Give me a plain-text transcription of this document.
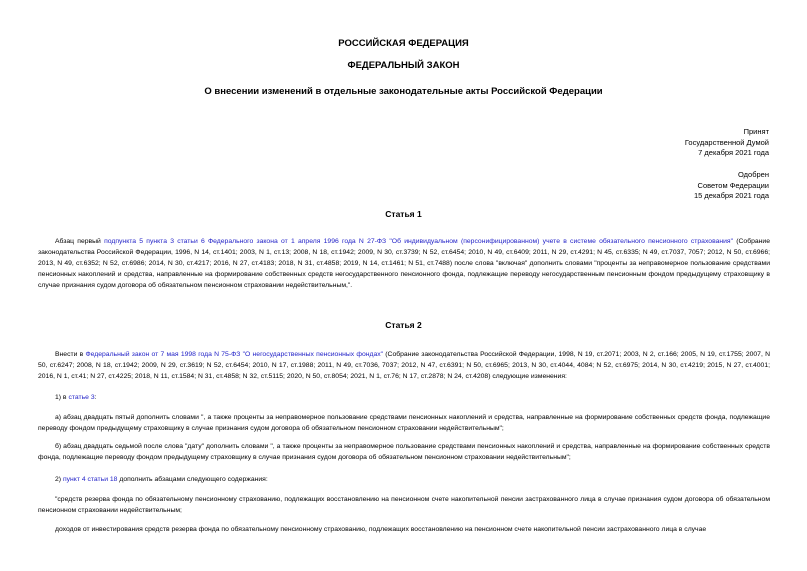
РОССИЙСКАЯ ФЕДЕРАЦИЯ
ФЕДЕРАЛЬНЫЙ ЗАКОН
О внесении изменений в отдельные законодательные акты Российской Федерации
Принят
Государственной Думой
7 декабря 2021 года
Одобрен
Советом Федерации
15 декабря 2021 года
Статья 1
Абзац первый подпункта 5 пункта 3 статьи 6 Федерального закона от 1 апреля 1996 года N 27-ФЗ "Об индивидуальном (персонифицированном) учете в системе обязательного пенсионного страхования" (Собрание законодательства Российской Федерации, 1996, N 14, ст.1401; 2003, N 1, ст.13; 2008, N 18, ст.1942; 2009, N 30, ст.3739; N 52, ст.6454; 2010, N 49, ст.6409; 2011, N 29, ст.4291; N 45, ст.6335; N 49, ст.7037, 7057; 2012, N 50, ст.6966; 2013, N 49, ст.6352; N 52, ст.6986; 2014, N 30, ст.4217; 2016, N 27, ст.4183; 2018, N 31, ст.4858; 2019, N 14, ст.1461; N 51, ст.7488) после слова "включая" дополнить словами "проценты за неправомерное пользование средствами пенсионных накоплений и средства, направленные на формирование собственных средств негосударственного пенсионного фонда, подлежащие переводу негосударственным пенсионным фондом предыдущему страховщику в случае признания судом договора об обязательном пенсионном страховании недействительным,".
Статья 2
Внести в Федеральный закон от 7 мая 1998 года N 75-ФЗ "О негосударственных пенсионных фондах" (Собрание законодательства Российской Федерации, 1998, N 19, ст.2071; 2003, N 2, ст.166; 2005, N 19, ст.1755; 2007, N 50, ст.6247; 2008, N 18, ст.1942; 2009, N 29, ст.3619; N 52, ст.6454; 2010, N 17, ст.1988; 2011, N 49, ст.7036, 7037; 2012, N 47, ст.6391; N 50, ст.6965; 2013, N 30, ст.4044, 4084; N 52, ст.6975; 2014, N 30, ст.4219; 2015, N 27, ст.4001; 2016, N 1, ст.41; N 27, ст.4225; 2018, N 11, ст.1584; N 31, ст.4858; N 32, ст.5115; 2020, N 50, ст.8054; 2021, N 1, ст.76; N 17, ст.2878; N 24, ст.4208) следующие изменения:
1) в статье 3:
а) абзац двадцать пятый дополнить словами ", а также проценты за неправомерное пользование средствами пенсионных накоплений и средства, направленные на формирование собственных средств фонда, подлежащие переводу фондом предыдущему страховщику в случае признания судом договора об обязательном пенсионном страховании недействительным";
б) абзац двадцать седьмой после слова "дату" дополнить словами ", а также проценты за неправомерное пользование средствами пенсионных накоплений и средства, направленные на формирование собственных средств фонда, подлежащие переводу фондом предыдущему страховщику в случае признания судом договора об обязательном пенсионном страховании недействительным";
2) пункт 4 статьи 18 дополнить абзацами следующего содержания:
"средств резерва фонда по обязательному пенсионному страхованию, подлежащих восстановлению на пенсионном счете накопительной пенсии застрахованного лица в случае признания судом договора об обязательном пенсионном страховании недействительным;
доходов от инвестирования средств резерва фонда по обязательному пенсионному страхованию, подлежащих восстановлению на пенсионном счете накопительной пенсии застрахованного лица в случае
